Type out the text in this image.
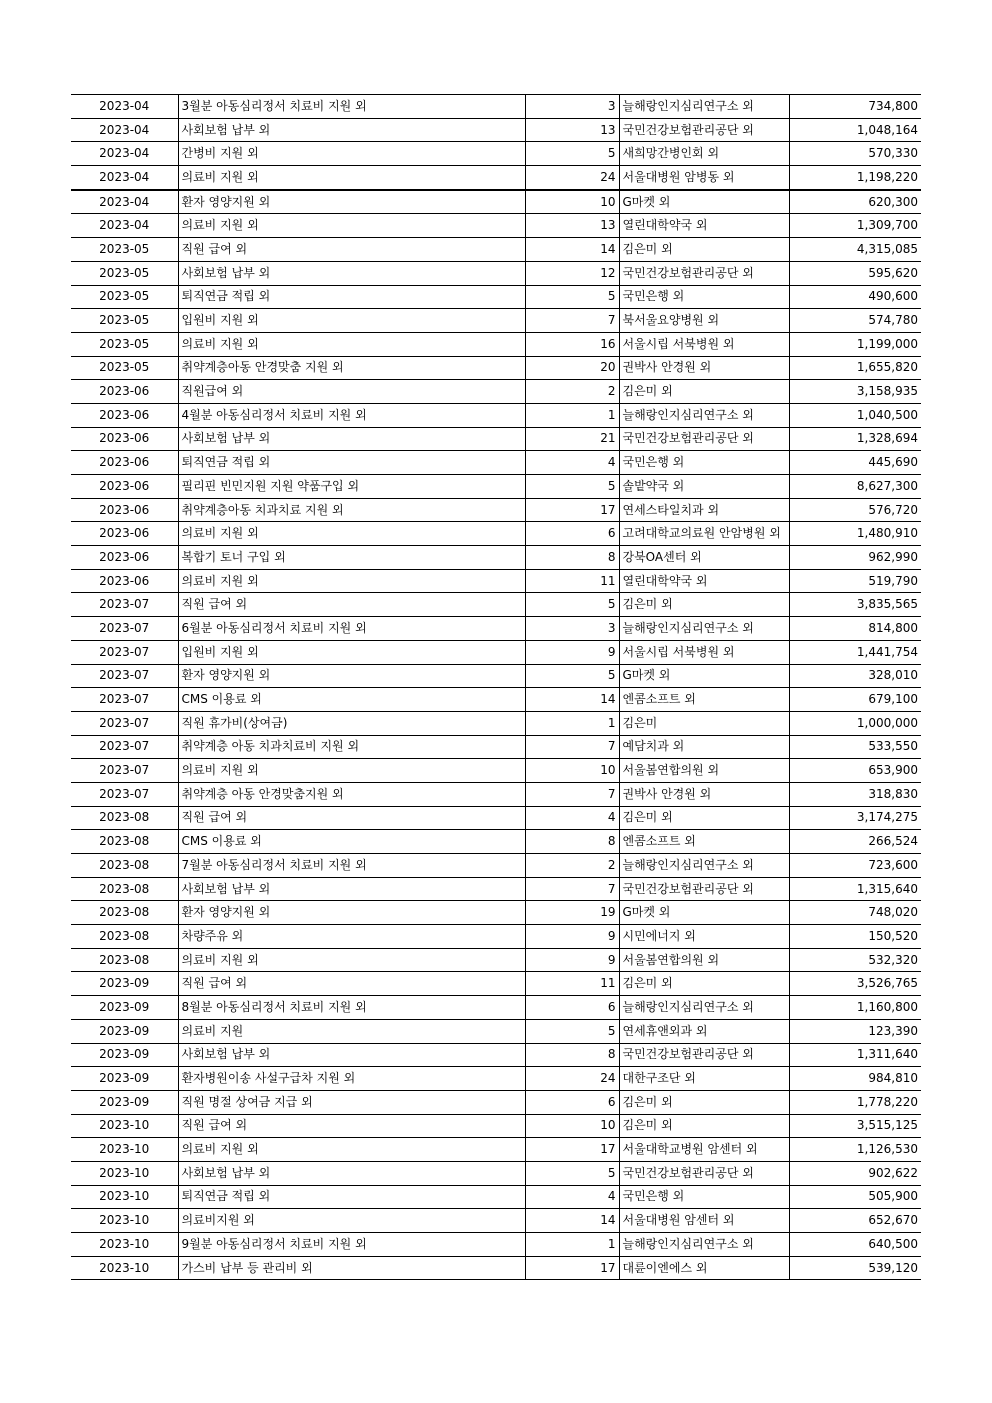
2023-04	3월분 아동심리정서 치료비 지원 외	3	늘해랑인지심리연구소 외	734,800
2023-04	사회보험 납부 외	13	국민건강보험관리공단 외	1,048,164
2023-04	간병비 지원 외	5	새희망간병인회 외	570,330
2023-04	의료비 지원 외	24	서울대병원 암병동 외	1,198,220
2023-04	환자 영양지원 외	10	G마켓 외	620,300
2023-04	의료비 지원 외	13	열린대학약국 외	1,309,700
2023-05	직원 급여 외	14	김은미 외	4,315,085
2023-05	사회보험 납부 외	12	국민건강보험관리공단 외	595,620
2023-05	퇴직연금 적립 외	5	국민은행 외	490,600
2023-05	입원비 지원 외	7	북서울요양병원 외	574,780
2023-05	의료비 지원 외	16	서울시립 서북병원 외	1,199,000
2023-05	취약계층아동 안경맞춤 지원 외	20	권박사 안경원 외	1,655,820
2023-06	직원급여 외	2	김은미 외	3,158,935
2023-06	4월분 아동심리정서 치료비 지원 외	1	늘해랑인지심리연구소 외	1,040,500
2023-06	사회보험 납부 외	21	국민건강보험관리공단 외	1,328,694
2023-06	퇴직연금 적립 외	4	국민은행 외	445,690
2023-06	필리핀 빈민지원 지원 약품구입 외	5	솔밭약국 외	8,627,300
2023-06	취약계층아동 치과치료 지원 외	17	연세스타일치과 외	576,720
2023-06	의료비 지원 외	6	고려대학교의료원 안암병원 외	1,480,910
2023-06	복합기 토너 구입 외	8	강북OA센터 외	962,990
2023-06	의료비 지원 외	11	열린대학약국 외	519,790
2023-07	직원 급여 외	5	김은미 외	3,835,565
2023-07	6월분 아동심리정서 치료비 지원 외	3	늘해랑인지심리연구소 외	814,800
2023-07	입원비 지원 외	9	서울시립 서북병원 외	1,441,754
2023-07	환자 영양지원 외	5	G마켓 외	328,010
2023-07	CMS 이용료 외	14	엔콤소프트 외	679,100
2023-07	직원 휴가비(상여금)	1	김은미	1,000,000
2023-07	취약계층 아동 치과치료비 지원 외	7	예담치과 외	533,550
2023-07	의료비 지원 외	10	서울봄연합의원 외	653,900
2023-07	취약계층 아동 안경맞춤지원 외	7	권박사 안경원 외	318,830
2023-08	직원 급여 외	4	김은미 외	3,174,275
2023-08	CMS 이용료 외	8	엔콤소프트 외	266,524
2023-08	7월분 아동심리정서 치료비 지원 외	2	늘해랑인지심리연구소 외	723,600
2023-08	사회보험 납부 외	7	국민건강보험관리공단 외	1,315,640
2023-08	환자 영양지원 외	19	G마켓 외	748,020
2023-08	차량주유 외	9	시민에너지 외	150,520
2023-08	의료비 지원 외	9	서울봄연합의원 외	532,320
2023-09	직원 급여 외	11	김은미 외	3,526,765
2023-09	8월분 아동심리정서 치료비 지원 외	6	늘해랑인지심리연구소 외	1,160,800
2023-09	의료비 지원	5	연세휴앤외과 외	123,390
2023-09	사회보험 납부 외	8	국민건강보험관리공단 외	1,311,640
2023-09	환자병원이송 사설구급차 지원 외	24	대한구조단 외	984,810
2023-09	직원 명절 상여금 지급 외	6	김은미 외	1,778,220
2023-10	직원 급여 외	10	김은미 외	3,515,125
2023-10	의료비 지원 외	17	서울대학교병원 암센터 외	1,126,530
2023-10	사회보험 납부 외	5	국민건강보험관리공단 외	902,622
2023-10	퇴직연금 적립 외	4	국민은행 외	505,900
2023-10	의료비지원 외	14	서울대병원 암센터 외	652,670
2023-10	9월분 아동심리정서 치료비 지원 외	1	늘해랑인지심리연구소 외	640,500
2023-10	가스비 납부 등 관리비 외	17	대륜이엔에스 외	539,120
